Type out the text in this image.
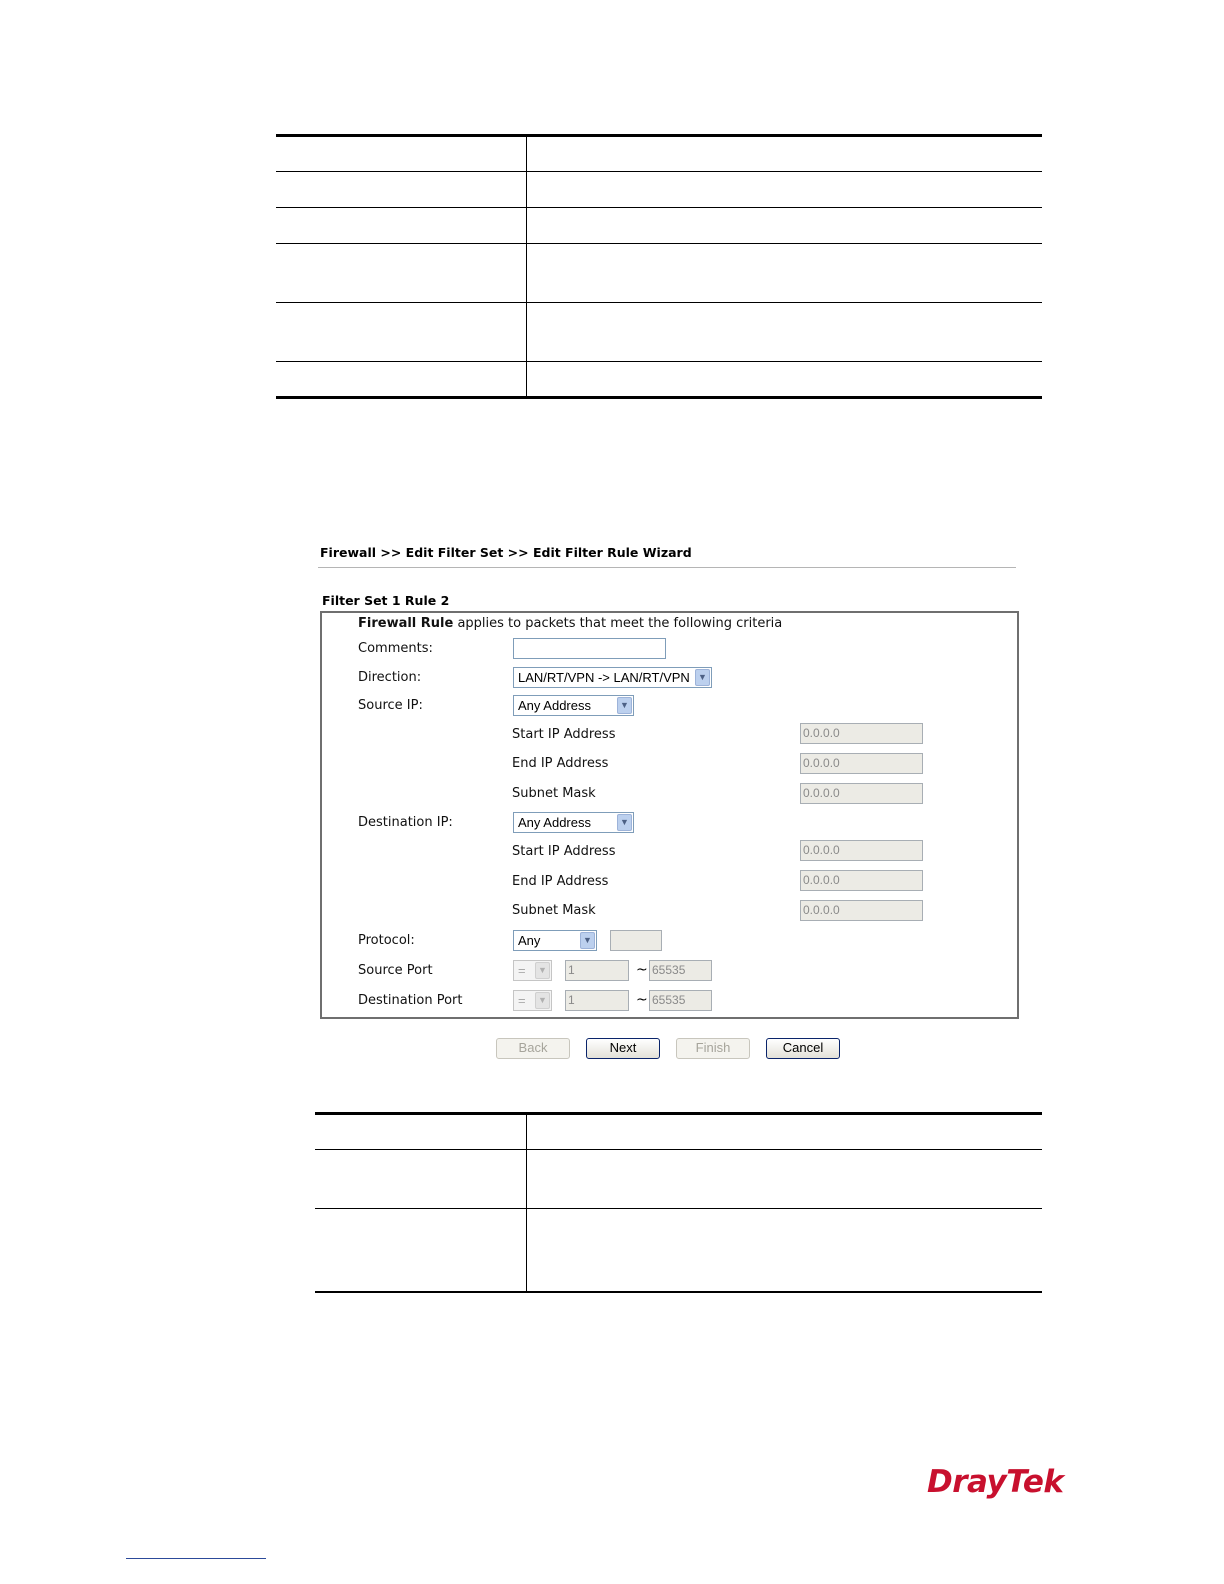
Firewall >> Edit Filter Set >> Edit Filter Rule Wizard
Filter Set 1 Rule 2
Firewall Rule applies to packets that meet the following criteria
Comments:
Direction:	LAN/RT/VPN -> LAN/RT/VPN ▼
Source IP:	Any Address	▼
Start IP Address	0.0.0.0
End IP Address	0.0.0.0
Subnet Mask	0.0.0.0
Destination IP:	Any Address	▼
Start IP Address	0.0.0.0
End IP Address	0.0.0.0
Subnet Mask	0.0.0.0
Protocol:	Any	▼
Source Port	=	▼ 1	~ 65535
Destination Port	=	▼ 1	~ 65535
Back	Next	Finish	Cancel

DrayTek
